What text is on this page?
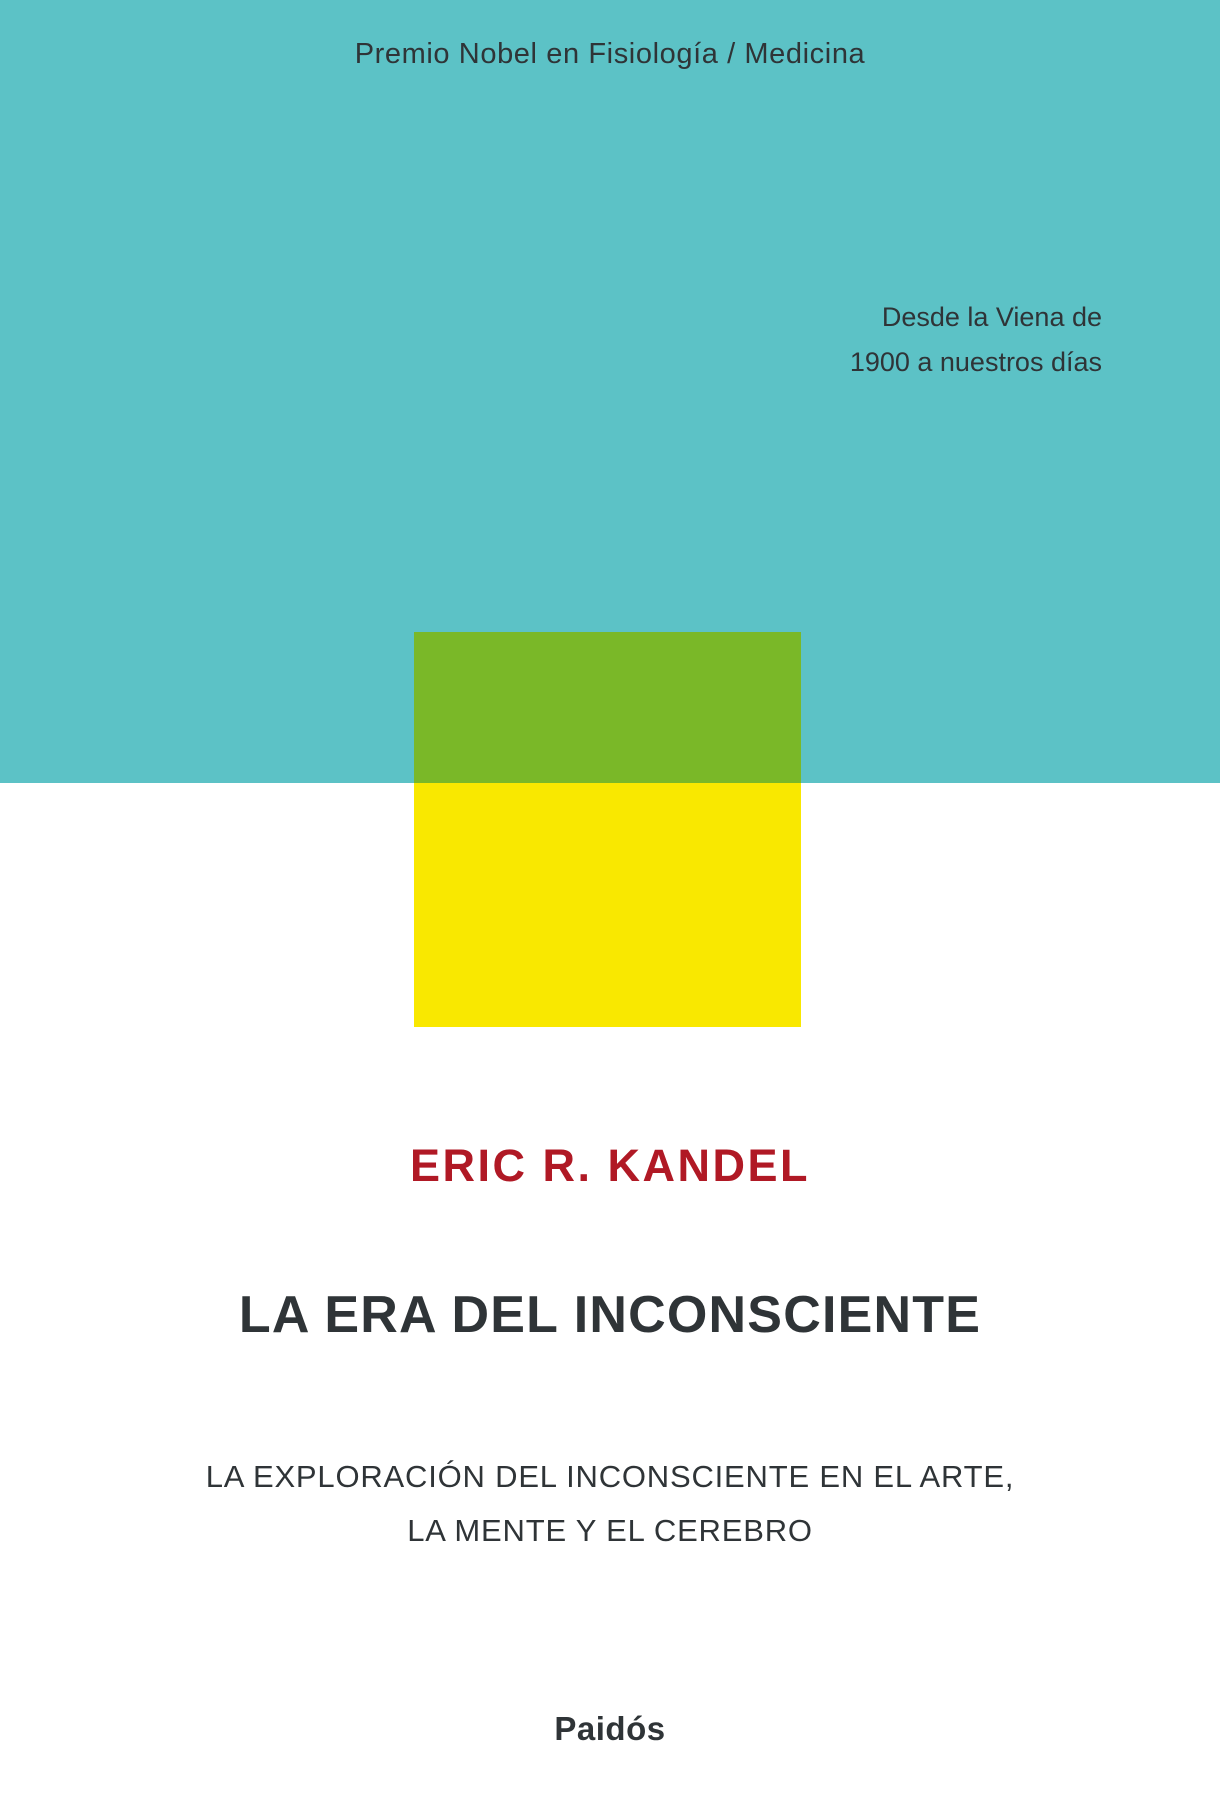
Premio Nobel en Fisiología / Medicina
Desde la Viena de
1900 a nuestros días
ERIC R. KANDEL
LA ERA DEL INCONSCIENTE
LA EXPLORACIÓN DEL INCONSCIENTE EN EL ARTE,
LA MENTE Y EL CEREBRO
Paidós
